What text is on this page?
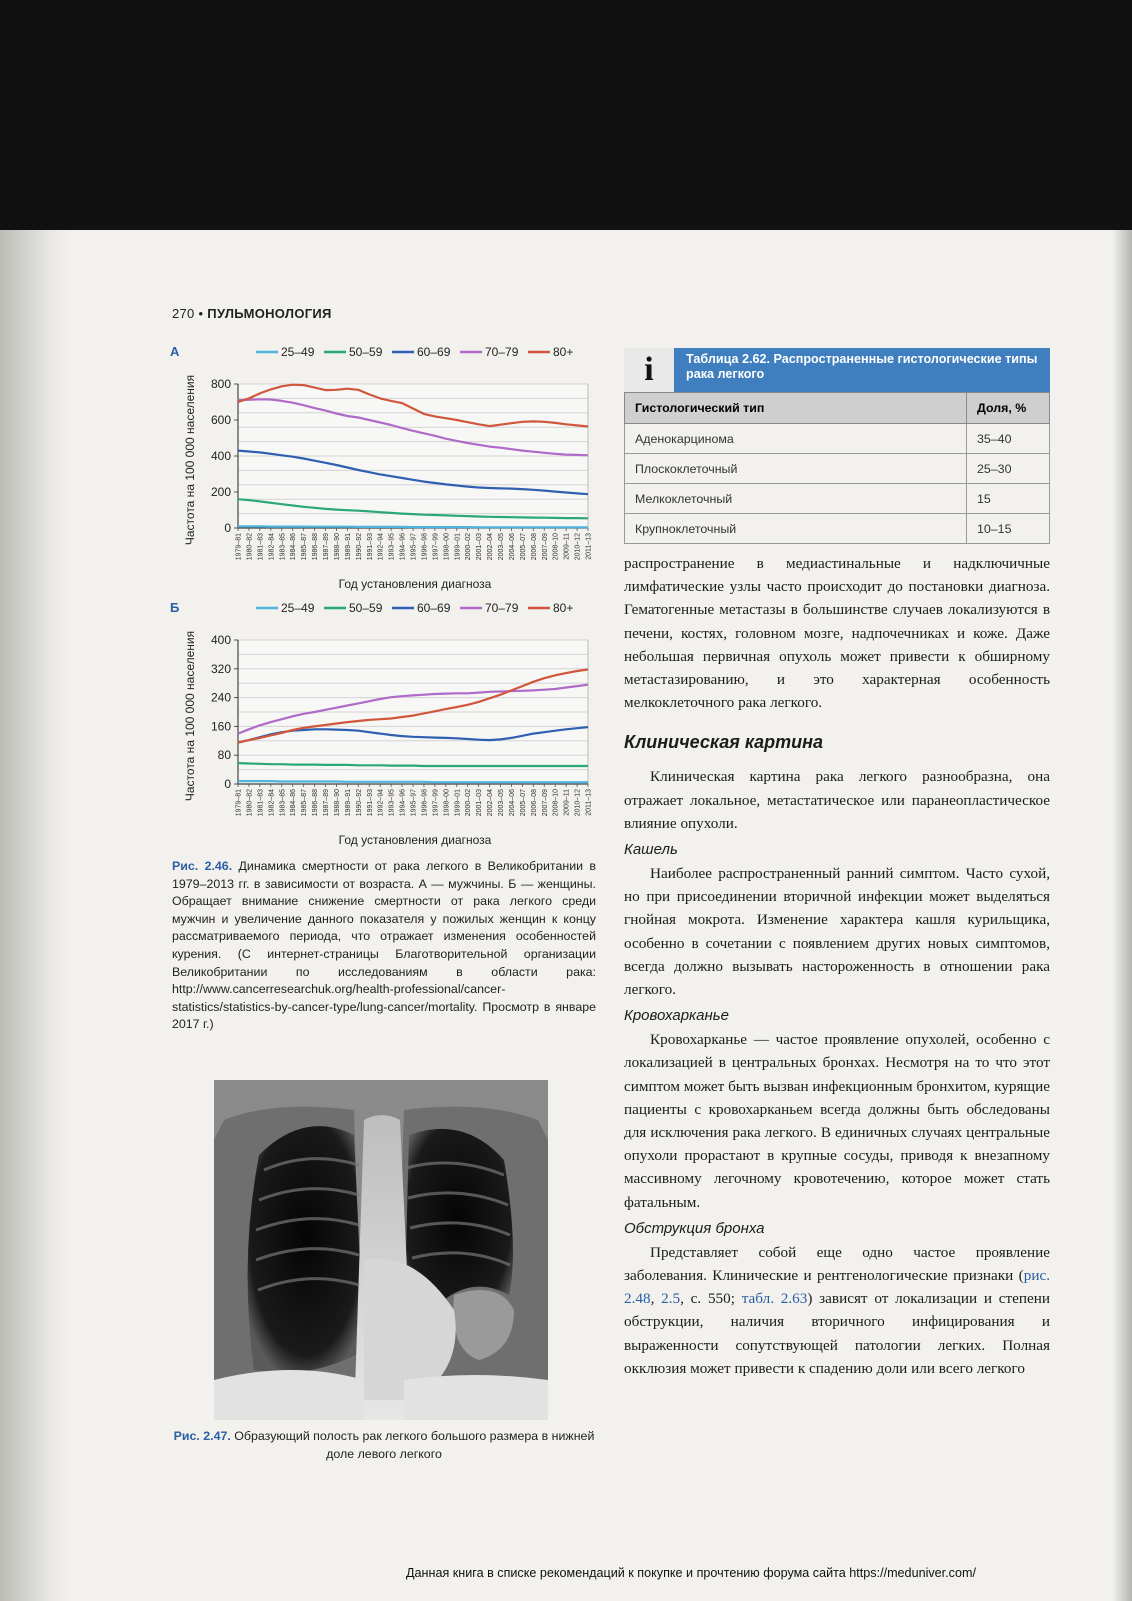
270 • ПУЛЬМОНОЛОГИЯ
А	25–49	50–59	60–69	70–79	80+
0
200
400
600
800
Частота на 100 000 населения
1979–81 1980–82 1981–83 1982–84 1983–85 1984–86 1985–87 1986–88 1987–89 1988–90 1989–91 1990–92 1991–93 1992–94 1993–95 1994–96 1995–97 1996–98 1997–99 1998–00 1999–01 2000–02 2001–03 2002–04 2003–05 2004–06 2005–07 2006–08 2007–09 2008–10 2009–11 2010–12 2011–13
Год установления диагноза
Б	25–49	50–59	60–69	70–79	80+
0
80
160
240
320
400
Частота на 100 000 населения
1979–81 1980–82 1981–83 1982–84 1983–85 1984–86 1985–87 1986–88 1987–89 1988–90 1989–91 1990–92 1991–93 1992–94 1993–95 1994–96 1995–97 1996–98 1997–99 1998–00 1999–01 2000–02 2001–03 2002–04 2003–05 2004–06 2005–07 2006–08 2007–09 2008–10 2009–11 2010–12 2011–13
Год установления диагноза
Рис. 2.46. Динамика смертности от рака легкого в Великобритании в 1979–2013 гг. в зависимости от возраста. А — мужчины. Б — женщины. Обращает внимание снижение смертности от рака легкого среди мужчин и увеличение данного показателя у пожилых женщин к концу рассматриваемого периода, что отражает изменения особенностей курения. (С интернет-страницы Благотворительной организации Великобритании по исследованиям в области рака: http://www.cancerresearchuk.org/health-professional/cancer-statistics/statistics-by-cancer-type/lung-cancer/mortality. Просмотр в январе 2017 г.)
Рис. 2.47. Образующий полость рак легкого большого размера в нижней доле левого легкого
i	Таблица 2.62. Распространенные гистологические типы рака легкого
Гистологический тип	Доля, %
Аденокарцинома	35–40
Плоскоклеточный	25–30
Мелкоклеточный	15
Крупноклеточный	10–15

распространение в медиастинальные и надключичные лимфатические узлы часто происходит до постановки диагноза. Гематогенные метастазы в большинстве случаев локализуются в печени, костях, головном мозге, надпочечниках и коже. Даже небольшая первичная опухоль может привести к обширному метастазированию, и это характерная особенность мелкоклеточного рака легкого.

Клиническая картина

Клиническая картина рака легкого разнообразна, она отражает локальное, метастатическое или паранеопластическое влияние опухоли.

Кашель

Наиболее распространенный ранний симптом. Часто сухой, но при присоединении вторичной инфекции может выделяться гнойная мокрота. Изменение характера кашля курильщика, особенно в сочетании с появлением других новых симптомов, всегда должно вызывать настороженность в отношении рака легкого.

Кровохарканье

Кровохарканье — частое проявление опухолей, особенно с локализацией в центральных бронхах. Несмотря на то что этот симптом может быть вызван инфекционным бронхитом, курящие пациенты с кровохарканьем всегда должны быть обследованы для исключения рака легкого. В единичных случаях центральные опухоли прорастают в крупные сосуды, приводя к внезапному массивному легочному кровотечению, которое может стать фатальным.

Обструкция бронха

Представляет собой еще одно частое проявление заболевания. Клинические и рентгенологические признаки (рис. 2.48, 2.5, с. 550; табл. 2.63) зависят от локализации и степени обструкции, наличия вторичного инфицирования и выраженности сопутствующей патологии легких. Полная окклюзия может привести к спадению доли или всего легкого

Данная книга в списке рекомендаций к покупке и прочтению форума сайта https://meduniver.com/
